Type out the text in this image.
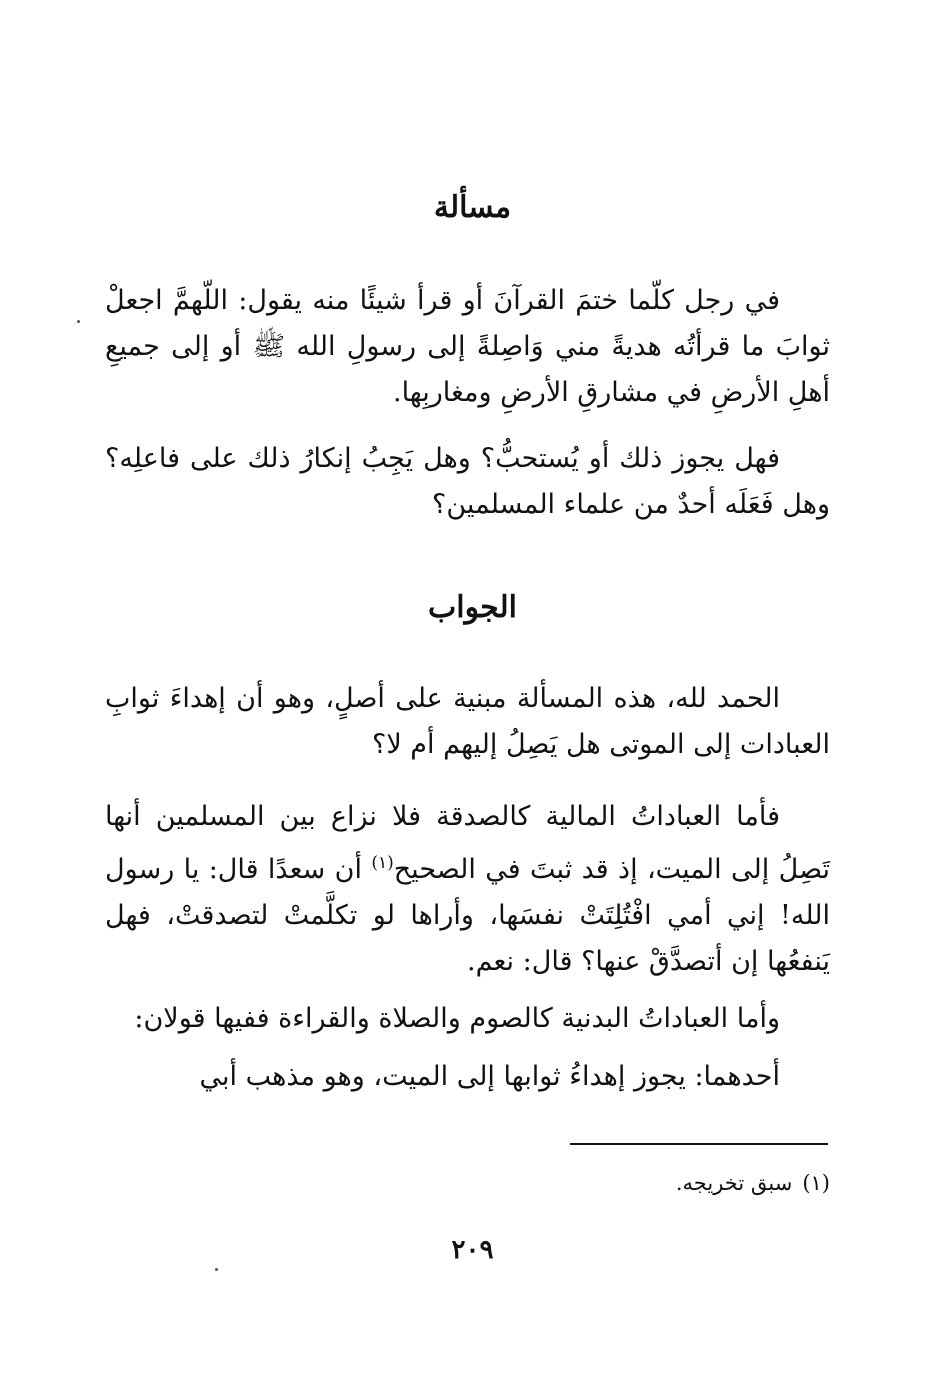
مسألة
في رجل كلّما ختمَ القرآنَ أو قرأ شيئًا منه يقول: اللّهمَّ اجعلْ ثوابَ ما قرأتُه هديةً مني وَاصِلةً إلى رسولِ الله ﷺ أو إلى جميعِ أهلِ الأرضِ في مشارقِ الأرضِ ومغاربِها.
فهل يجوز ذلك أو يُستحبُّ؟ وهل يَجِبُ إنكارُ ذلك على فاعلِه؟ وهل فَعَلَه أحدٌ من علماء المسلمين؟
الجواب
الحمد لله، هذه المسألة مبنية على أصلٍ، وهو أن إهداءَ ثوابِ العبادات إلى الموتى هل يَصِلُ إليهم أم لا؟
فأما العباداتُ المالية كالصدقة فلا نزاع بين المسلمين أنها تَصِلُ إلى الميت، إذ قد ثبتَ في الصحيح$^{(١)}$ أن سعدًا قال: يا رسول الله! إني أمي افْتُلِتَتْ نفسَها، وأراها لو تكلَّمتْ لتصدقتْ، فهل يَنفعُها إن أتصدَّقْ عنها؟ قال: نعم.
وأما العباداتُ البدنية كالصوم والصلاة والقراءة ففيها قولان:
أحدهما: يجوز إهداءُ ثوابها إلى الميت، وهو مذهب أبي
(١)سبق تخريجه.
٢٠٩
